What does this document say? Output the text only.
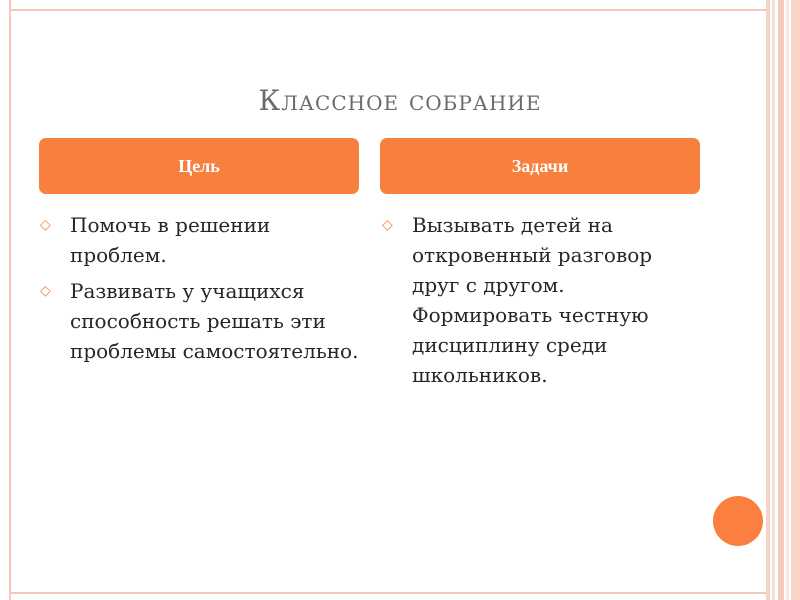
Классное собрание
Цель	Задачи
◇ Помочь в решении проблем.
◇ Развивать у учащихся способность решать эти проблемы самостоятельно.
◇ Вызывать детей на откровенный разговор друг с другом.
Формировать честную дисциплину среди школьников.
